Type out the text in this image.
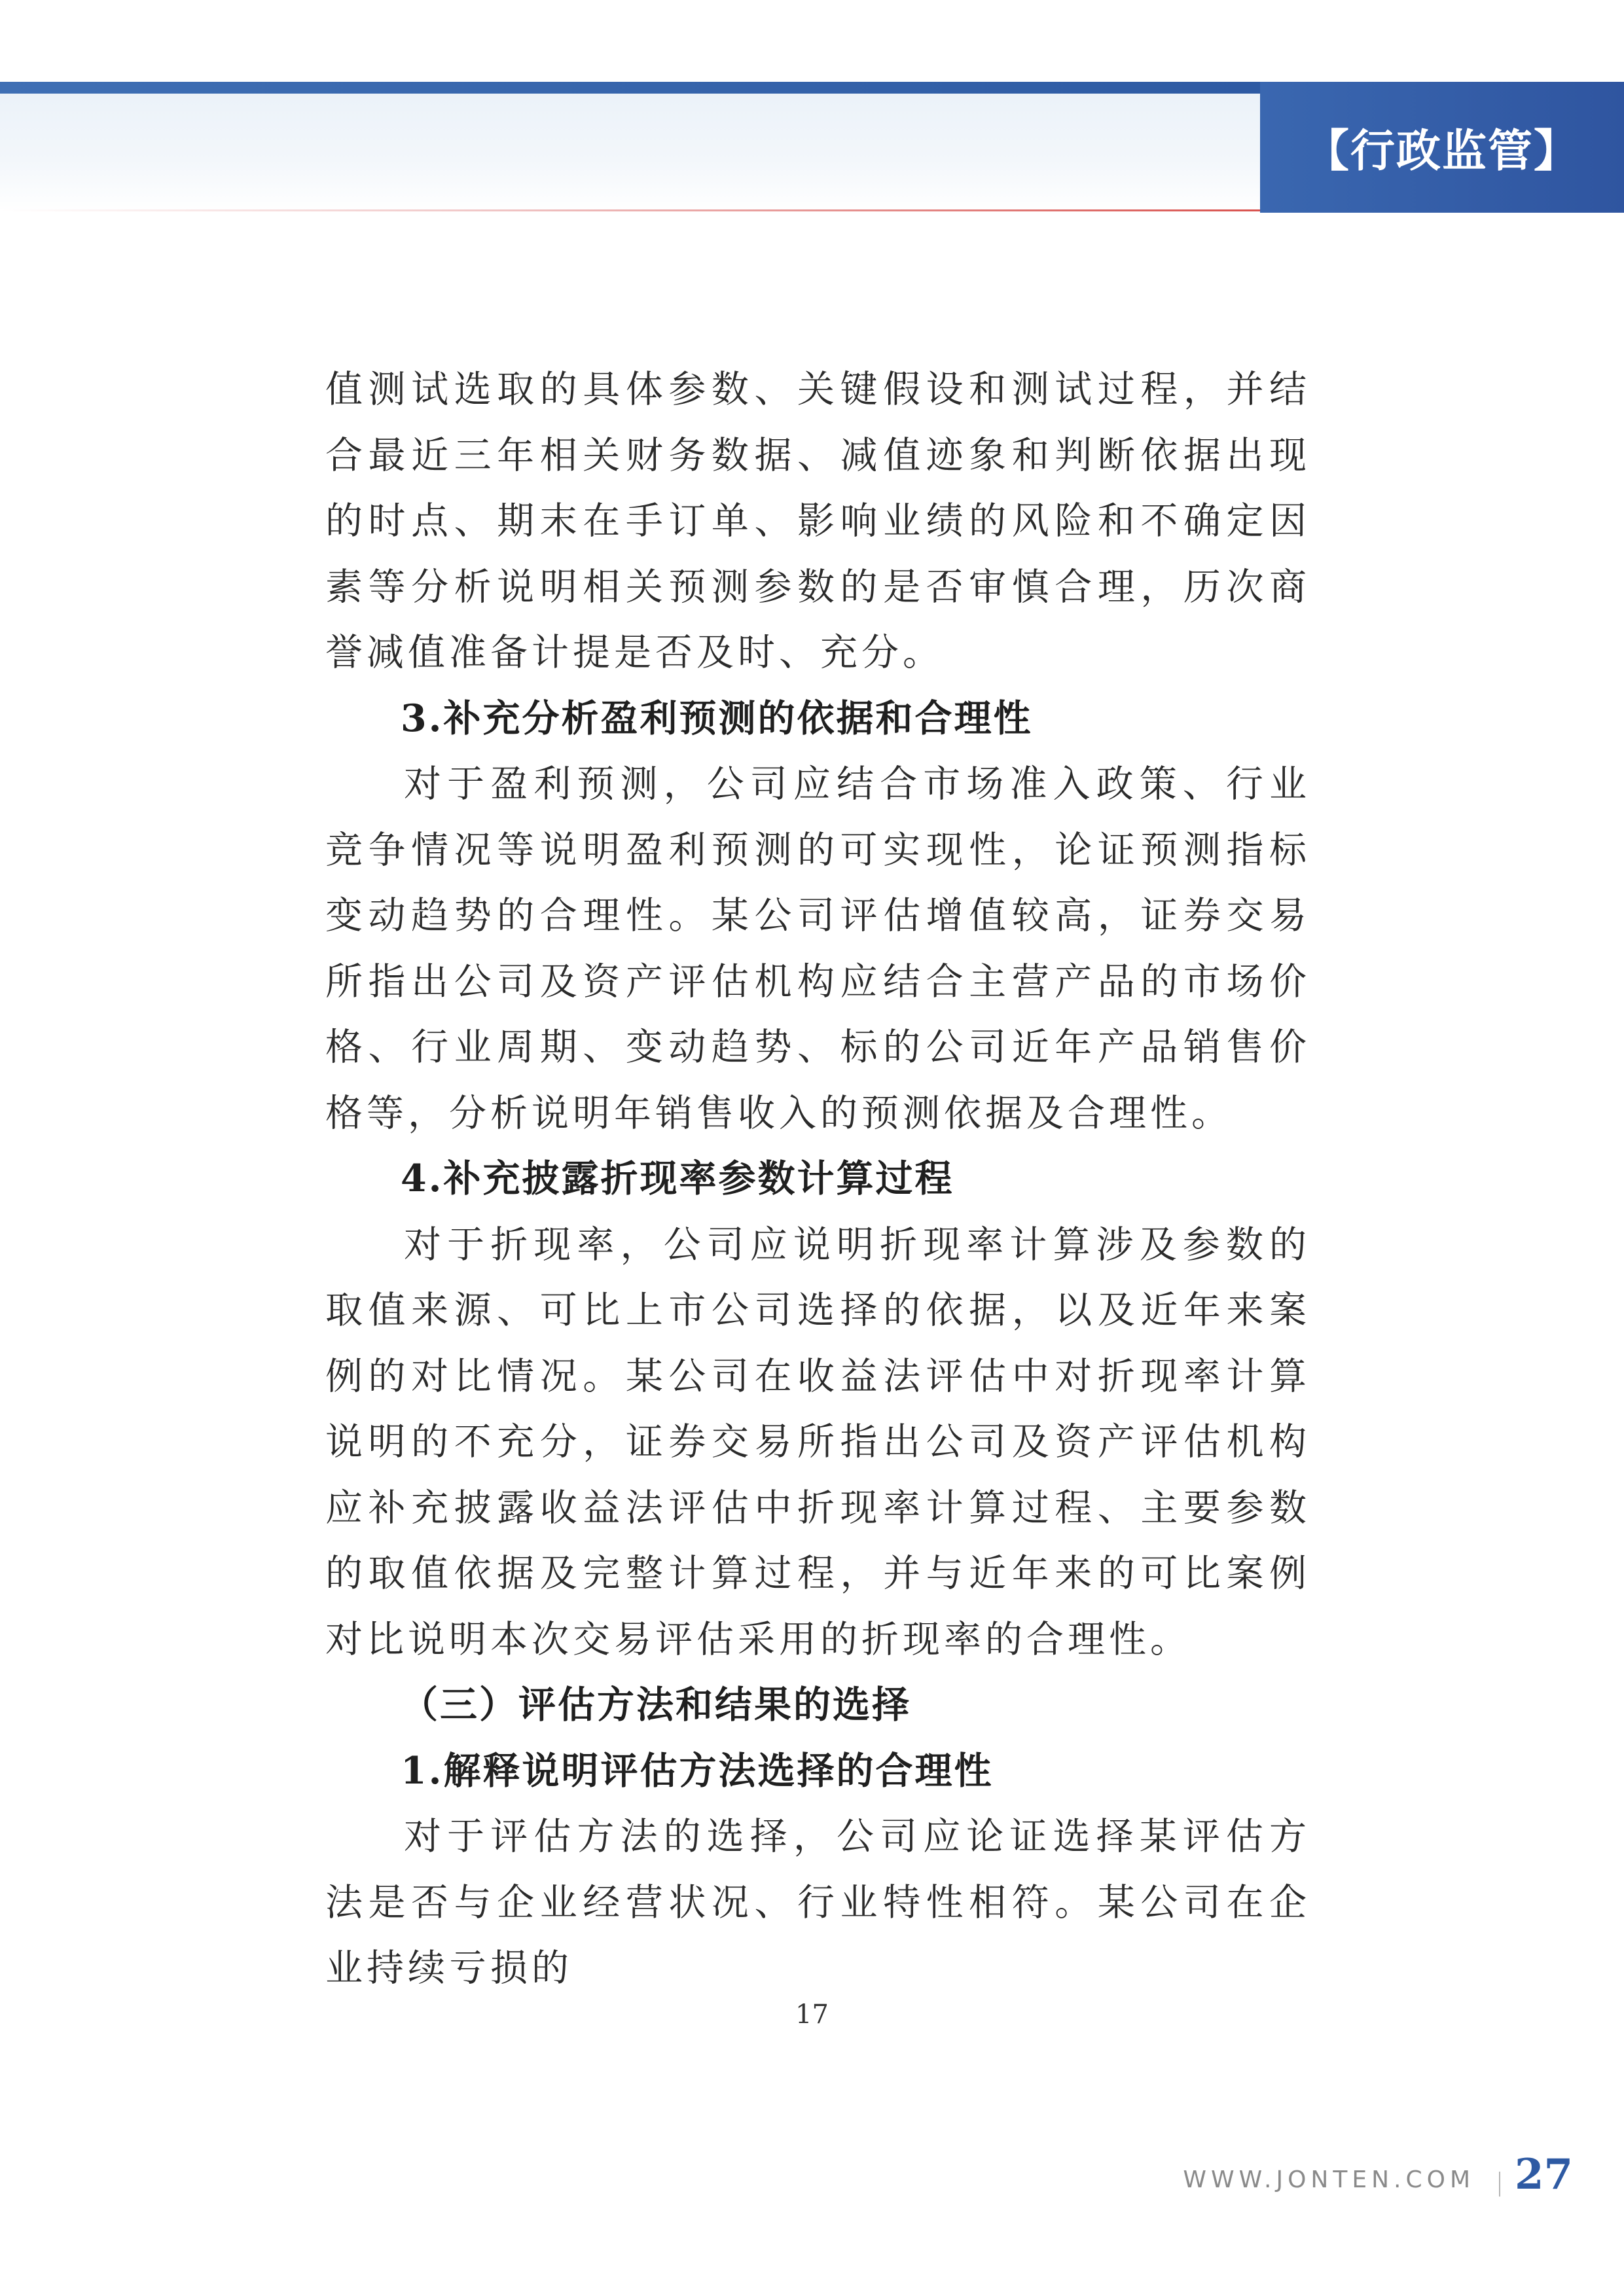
【行政监管】

值测试选取的具体参数、关键假设和测试过程，并结合最近三年相关财务数据、减值迹象和判断依据出现的时点、期末在手订单、影响业绩的风险和不确定因素等分析说明相关预测参数的是否审慎合理，历次商誉减值准备计提是否及时、充分。

3.补充分析盈利预测的依据和合理性

对于盈利预测，公司应结合市场准入政策、行业竞争情况等说明盈利预测的可实现性，论证预测指标变动趋势的合理性。某公司评估增值较高，证券交易所指出公司及资产评估机构应结合主营产品的市场价格、行业周期、变动趋势、标的公司近年产品销售价格等，分析说明年销售收入的预测依据及合理性。

4.补充披露折现率参数计算过程

对于折现率，公司应说明折现率计算涉及参数的取值来源、可比上市公司选择的依据，以及近年来案例的对比情况。某公司在收益法评估中对折现率计算说明的不充分，证券交易所指出公司及资产评估机构应补充披露收益法评估中折现率计算过程、主要参数的取值依据及完整计算过程，并与近年来的可比案例对比说明本次交易评估采用的折现率的合理性。

（三）评估方法和结果的选择
1.解释说明评估方法选择的合理性

对于评估方法的选择，公司应论证选择某评估方法是否与企业经营状况、行业特性相符。某公司在企业持续亏损的

17
WWW.JONTEN.COM 27
